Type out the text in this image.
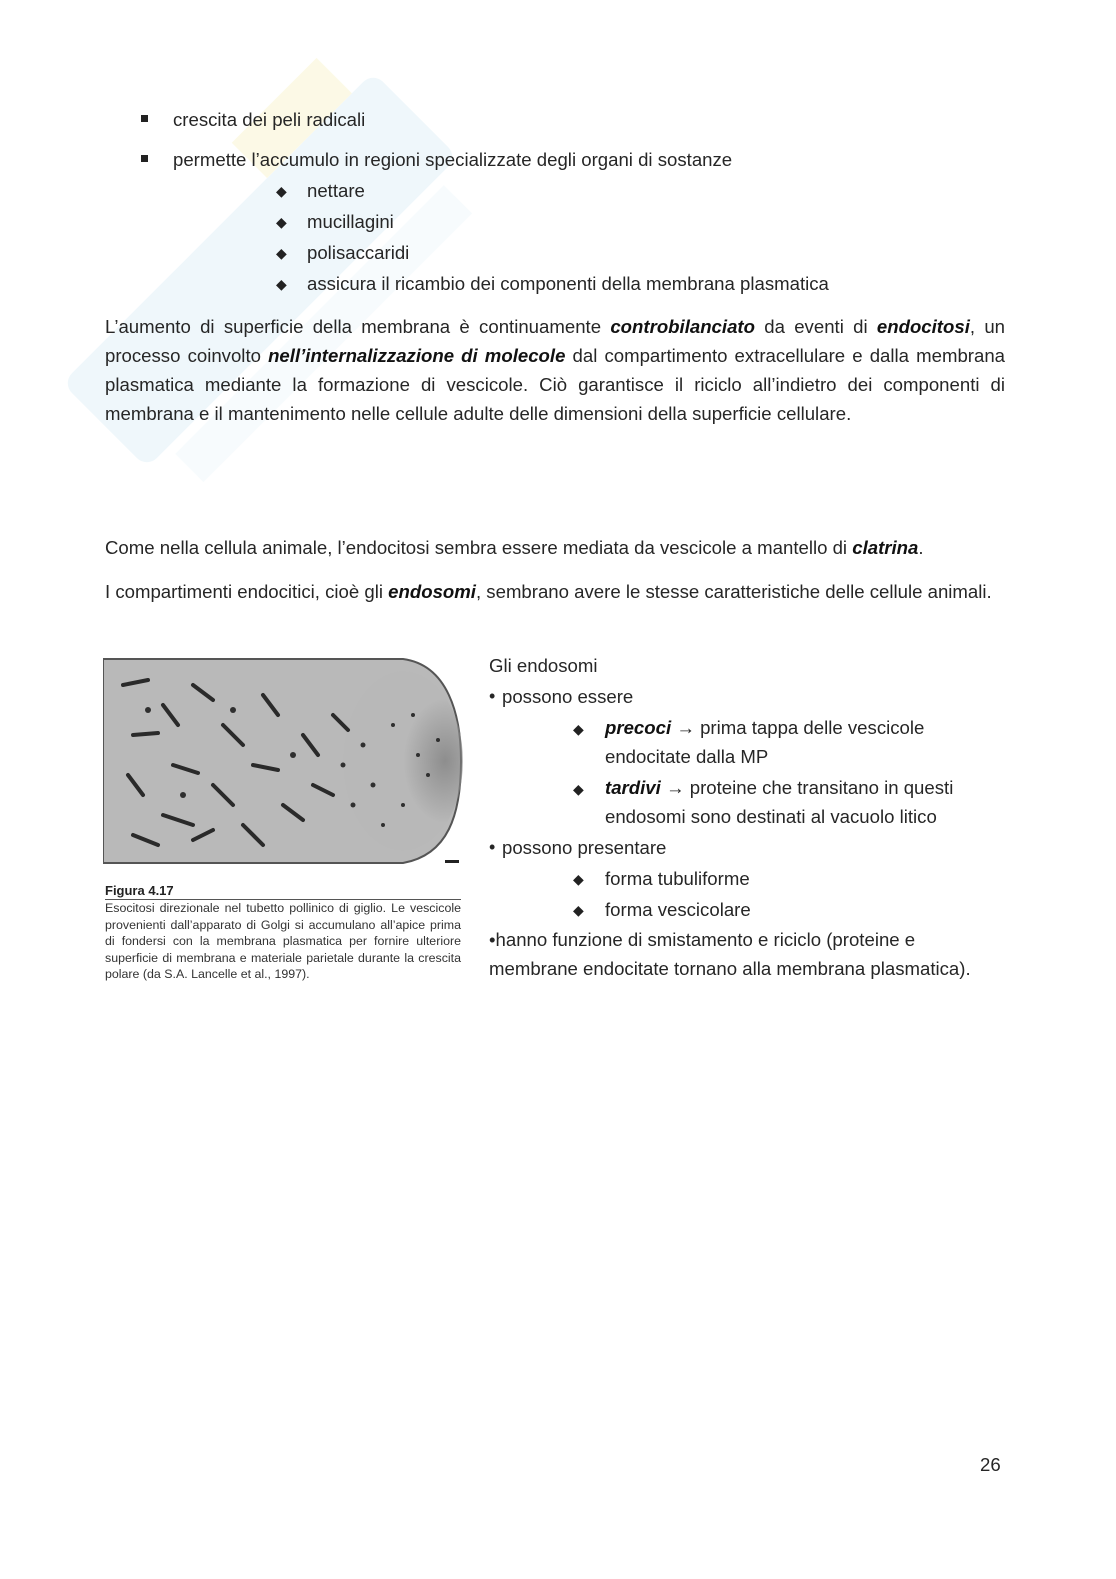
crescita dei peli radicali
permette l’accumulo in regioni specializzate degli organi di sostanze
◆ nettare
◆ mucillagini
◆ polisaccaridi
◆ assicura il ricambio dei componenti della membrana plasmatica

L’aumento di superficie della membrana è continuamente controbilanciato da eventi di endocitosi, un processo coinvolto nell’internalizzazione di molecole dal compartimento extracellulare e dalla membrana plasmatica mediante la formazione di vescicole. Ciò garantisce il riciclo all’indietro dei componenti di membrana e il mantenimento nelle cellule adulte delle dimensioni della superficie cellulare.

Come nella cellula animale, l’endocitosi sembra essere mediata da vescicole a mantello di clatrina.

I compartimenti endocitici, cioè gli endosomi, sembrano avere le stesse caratteristiche delle cellule animali.

Figura 4.17
Esocitosi direzionale nel tubetto pollinico di giglio. Le vescicole provenienti dall’apparato di Golgi si accumulano all’apice prima di fondersi con la membrana plasmatica per fornire ulteriore superficie di membrana e materiale parietale durante la crescita polare (da S.A. Lancelle et al., 1997).
Gli endosomi
• possono essere
◆ precoci → prima tappa delle vescicole endocitate dalla MP
◆ tardivi → proteine che transitano in questi endosomi sono destinati al vacuolo litico
• possono presentare
◆ forma tubuliforme
◆ forma vescicolare
•hanno funzione di smistamento e riciclo (proteine e membrane endocitate tornano alla membrana plasmatica).
26
